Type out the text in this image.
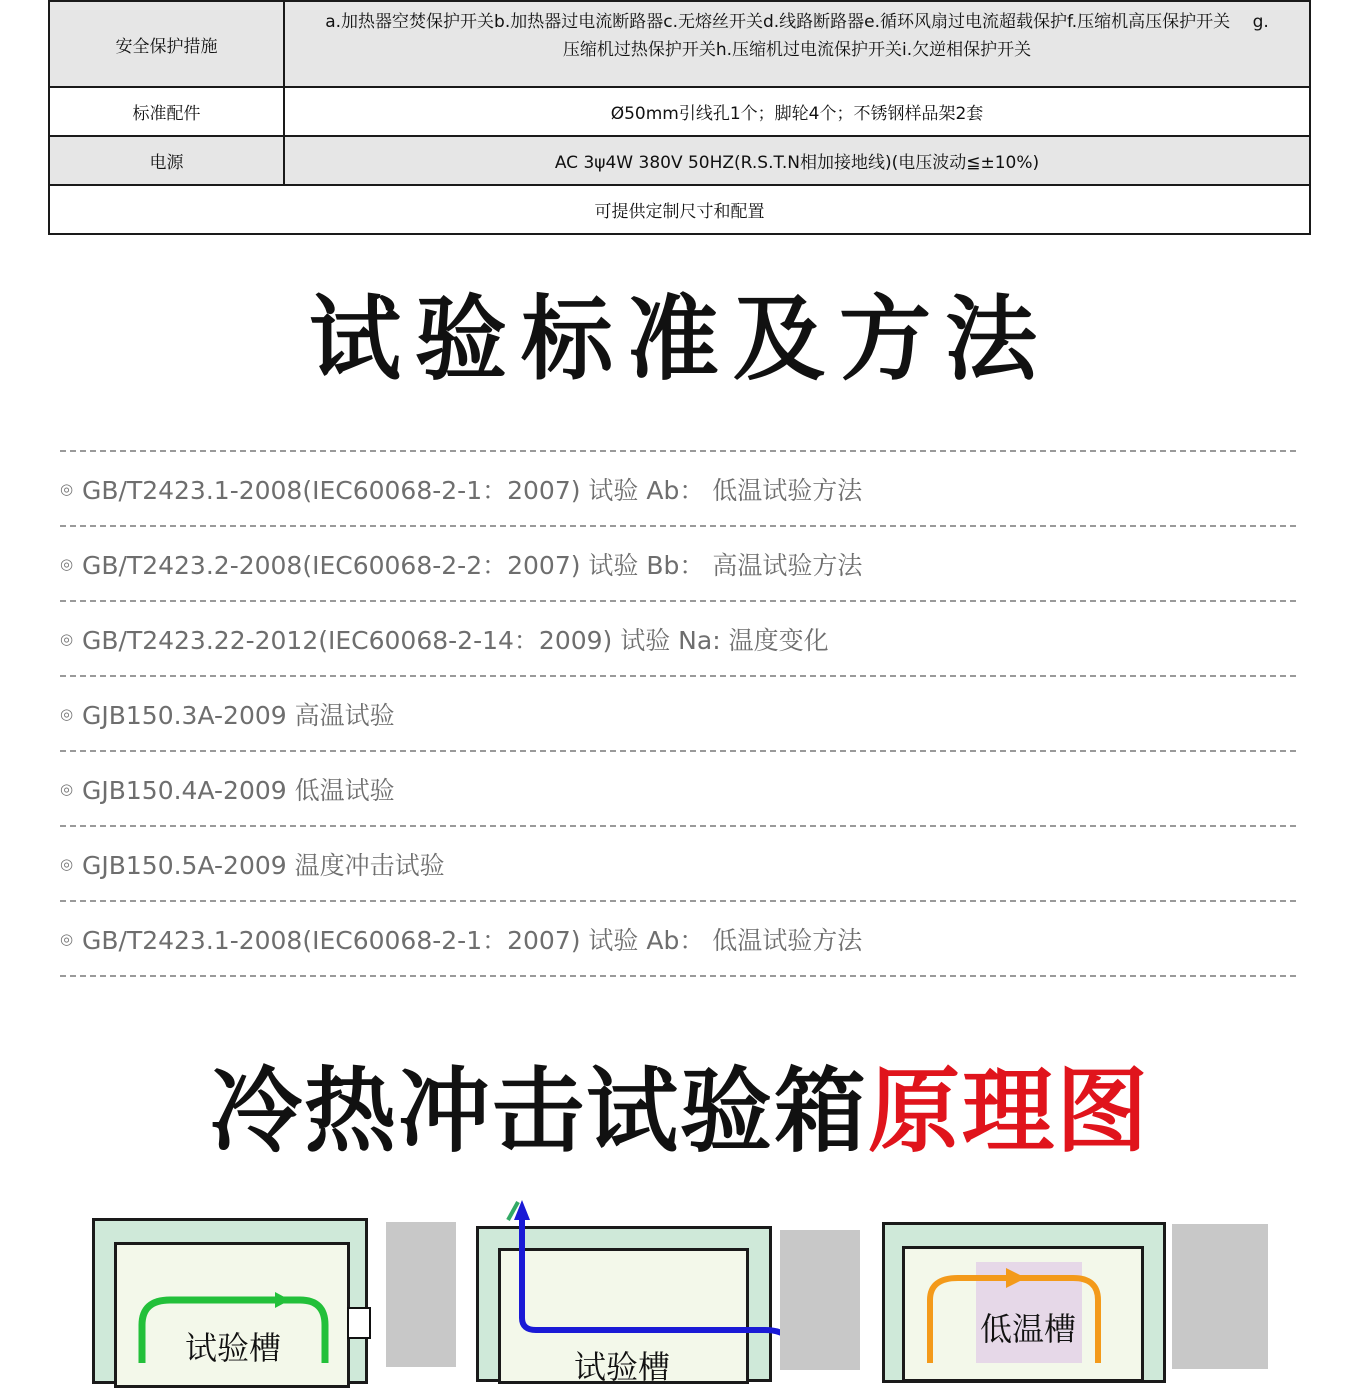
安全保护措施	a.加热器空焚保护开关b.加热器过电流断路器c.无熔丝开关d.线路断路器e.循环风扇过电流超载保护f.压缩机高压保护开关　 g.
压缩机过热保护开关h.压缩机过电流保护开关i.欠逆相保护开关

标准配件	Ø50mm引线孔1个；脚轮4个；不锈钢样品架2套
电源	AC 3ψ4W 380V 50HZ(R.S.T.N相加接地线)(电压波动≦±10%)
可提供定制尺寸和配置	
试验标准及方法
◎ GB/T2423.1-2008(IEC60068-2-1：2007) 试验 Ab： 低温试验方法
◎ GB/T2423.2-2008(IEC60068-2-2：2007) 试验 Bb： 高温试验方法
◎ GB/T2423.22-2012(IEC60068-2-14：2009) 试验 Na: 温度变化
◎ GJB150.3A-2009 高温试验
◎ GJB150.4A-2009 低温试验
◎ GJB150.5A-2009 温度冲击试验
◎ GB/T2423.1-2008(IEC60068-2-1：2007) 试验 Ab： 低温试验方法
冷热冲击试验箱原理图
试验槽	试验槽
低温槽
